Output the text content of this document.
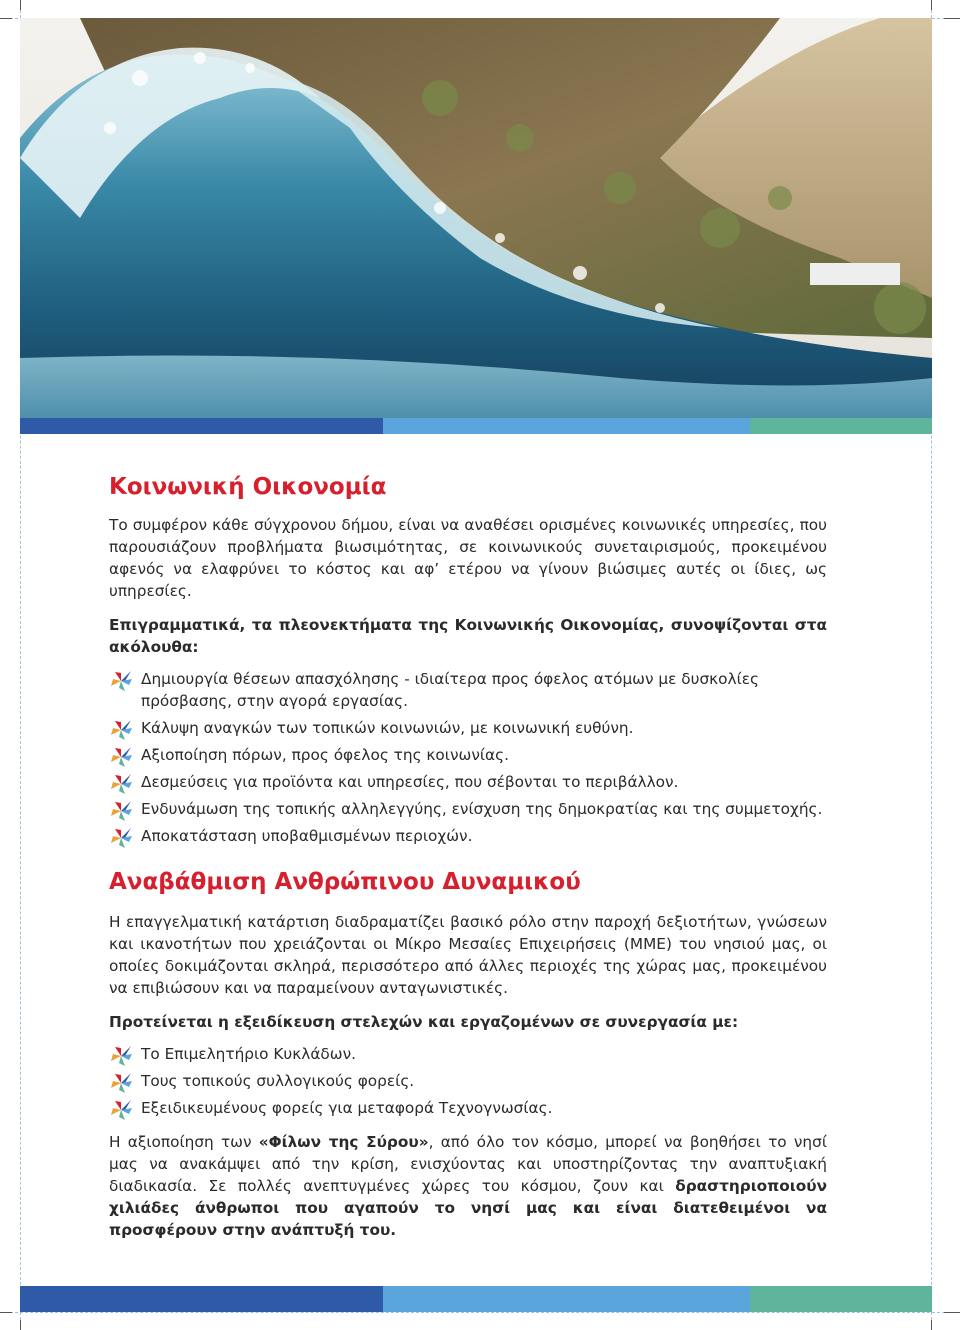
Κοινωνική Οικονομία

Το συμφέρον κάθε σύγχρονου δήμου, είναι να αναθέσει ορισμένες κοινωνικές υπηρεσίες, που παρουσιάζουν προβλήματα βιωσιμότητας, σε κοινωνικούς συνεταιρισμούς, προκειμένου αφενός να ελαφρύνει το κόστος και αφ’ ετέρου να γίνουν βιώσιμες αυτές οι ίδιες, ως υπηρεσίες.

Επιγραμματικά, τα πλεονεκτήματα της Κοινωνικής Οικονομίας, συνοψίζονται στα ακόλουθα:

Δημιουργία θέσεων απασχόλησης - ιδιαίτερα προς όφελος ατόμων με δυσκολίες πρόσβασης, στην αγορά εργασίας.
Κάλυψη αναγκών των τοπικών κοινωνιών, με κοινωνική ευθύνη.
Αξιοποίηση πόρων, προς όφελος της κοινωνίας.
Δεσμεύσεις για προϊόντα και υπηρεσίες, που σέβονται το περιβάλλον.
Ενδυνάμωση της τοπικής αλληλεγγύης, ενίσχυση της δημοκρατίας και της συμμετοχής.
Αποκατάσταση υποβαθμισμένων περιοχών.
Αναβάθμιση Ανθρώπινου Δυναμικού

Η επαγγελματική κατάρτιση διαδραματίζει βασικό ρόλο στην παροχή δεξιοτήτων, γνώσεων και ικανοτήτων που χρειάζονται οι Μίκρο Μεσαίες Επιχειρήσεις (ΜΜΕ) του νησιού μας, οι οποίες δοκιμάζονται σκληρά, περισσότερο από άλλες περιοχές της χώρας μας, προκειμένου να επιβιώσουν και να παραμείνουν ανταγωνιστικές.

Προτείνεται η εξειδίκευση στελεχών και εργαζομένων σε συνεργασία με:

Το Επιμελητήριο Κυκλάδων.
Τους τοπικούς συλλογικούς φορείς.
Εξειδικευμένους φορείς για μεταφορά Τεχνογνωσίας.

Η αξιοποίηση των «Φίλων της Σύρου», από όλο τον κόσμο, μπορεί να βοηθήσει το νησί μας να ανακάμψει από την κρίση, ενισχύοντας και υποστηρίζοντας την αναπτυξιακή διαδικασία. Σε πολλές ανεπτυγμένες χώρες του κόσμου, ζουν και δραστηριοποιούν χιλιάδες άνθρωποι που αγαπούν το νησί μας και είναι διατεθειμένοι να προσφέρουν στην ανάπτυξή του.
